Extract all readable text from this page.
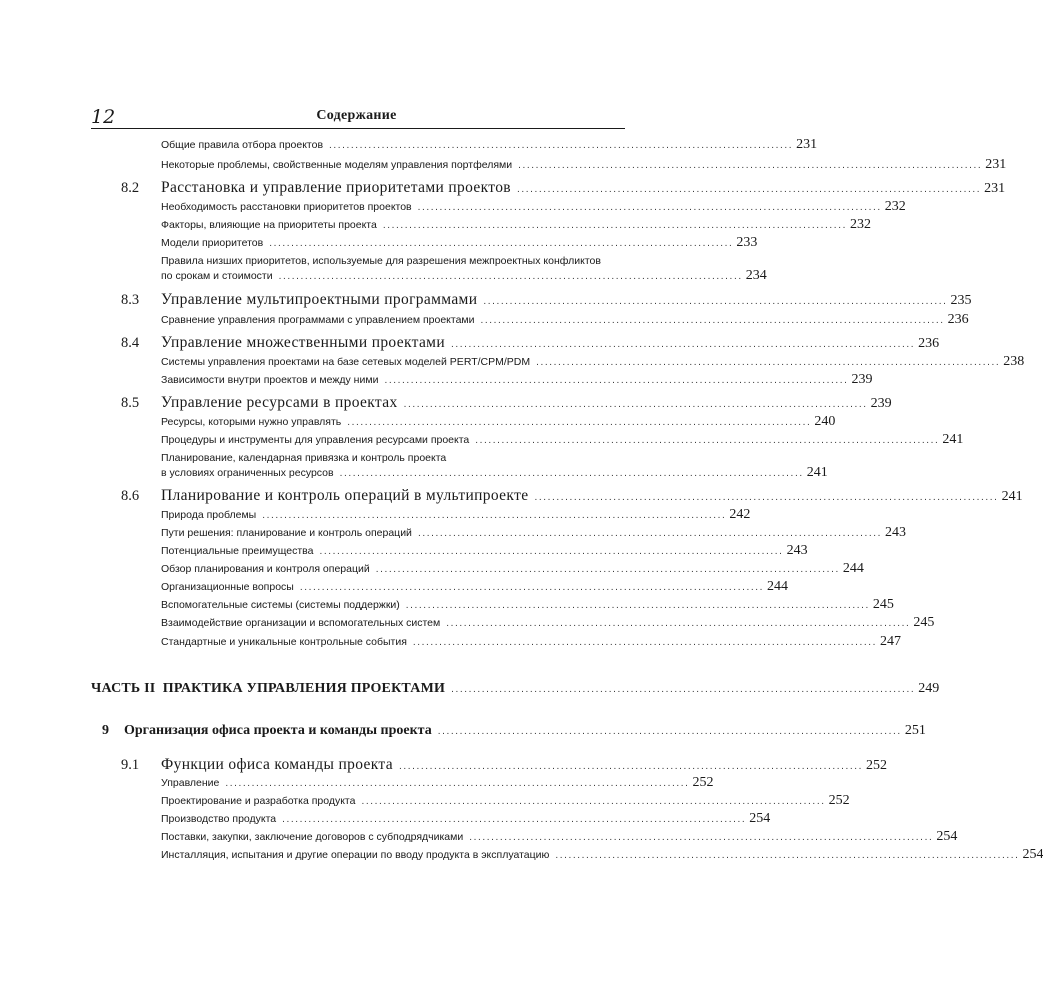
12	Содержание
Общие правила отбора проектов .......................................................................................................... 231
Некоторые проблемы, свойственные моделям управления портфелями .......................................................................................................... 231
8.2 Расстановка и управление приоритетами проектов .......................................................................................................... 231
Необходимость расстановки приоритетов проектов .......................................................................................................... 232
Факторы, влияющие на приоритеты проекта .......................................................................................................... 232
Модели приоритетов .......................................................................................................... 233
Правила низших приоритетов, используемые для разрешения межпроектных конфликтов
по срокам и стоимости .......................................................................................................... 234
8.3 Управление мультипроектными программами .......................................................................................................... 235
Сравнение управления программами с управлением проектами .......................................................................................................... 236
8.4 Управление множественными проектами .......................................................................................................... 236
Системы управления проектами на базе сетевых моделей PERT/CPM/PDM .......................................................................................................... 238
Зависимости внутри проектов и между ними .......................................................................................................... 239
8.5 Управление ресурсами в проектах .......................................................................................................... 239
Ресурсы, которыми нужно управлять .......................................................................................................... 240
Процедуры и инструменты для управления ресурсами проекта .......................................................................................................... 241
Планирование, календарная привязка и контроль проекта
в условиях ограниченных ресурсов .......................................................................................................... 241
8.6 Планирование и контроль операций в мультипроекте .......................................................................................................... 241
Природа проблемы .......................................................................................................... 242
Пути решения: планирование и контроль операций .......................................................................................................... 243
Потенциальные преимущества .......................................................................................................... 243
Обзор планирования и контроля операций .......................................................................................................... 244
Организационные вопросы .......................................................................................................... 244
Вспомогательные системы (системы поддержки) .......................................................................................................... 245
Взаимодействие организации и вспомогательных систем .......................................................................................................... 245
Стандартные и уникальные контрольные события .......................................................................................................... 247
ЧАСТЬ II  ПРАКТИКА УПРАВЛЕНИЯ ПРОЕКТАМИ .......................................................................................................... 249
9 Организация офиса проекта и команды проекта .......................................................................................................... 251
9.1 Функции офиса команды проекта .......................................................................................................... 252
Управление .......................................................................................................... 252
Проектирование и разработка продукта .......................................................................................................... 252
Производство продукта .......................................................................................................... 254
Поставки, закупки, заключение договоров с субподрядчиками .......................................................................................................... 254
Инсталляция, испытания и другие операции по вводу продукта в эксплуатацию .......................................................................................................... 254
